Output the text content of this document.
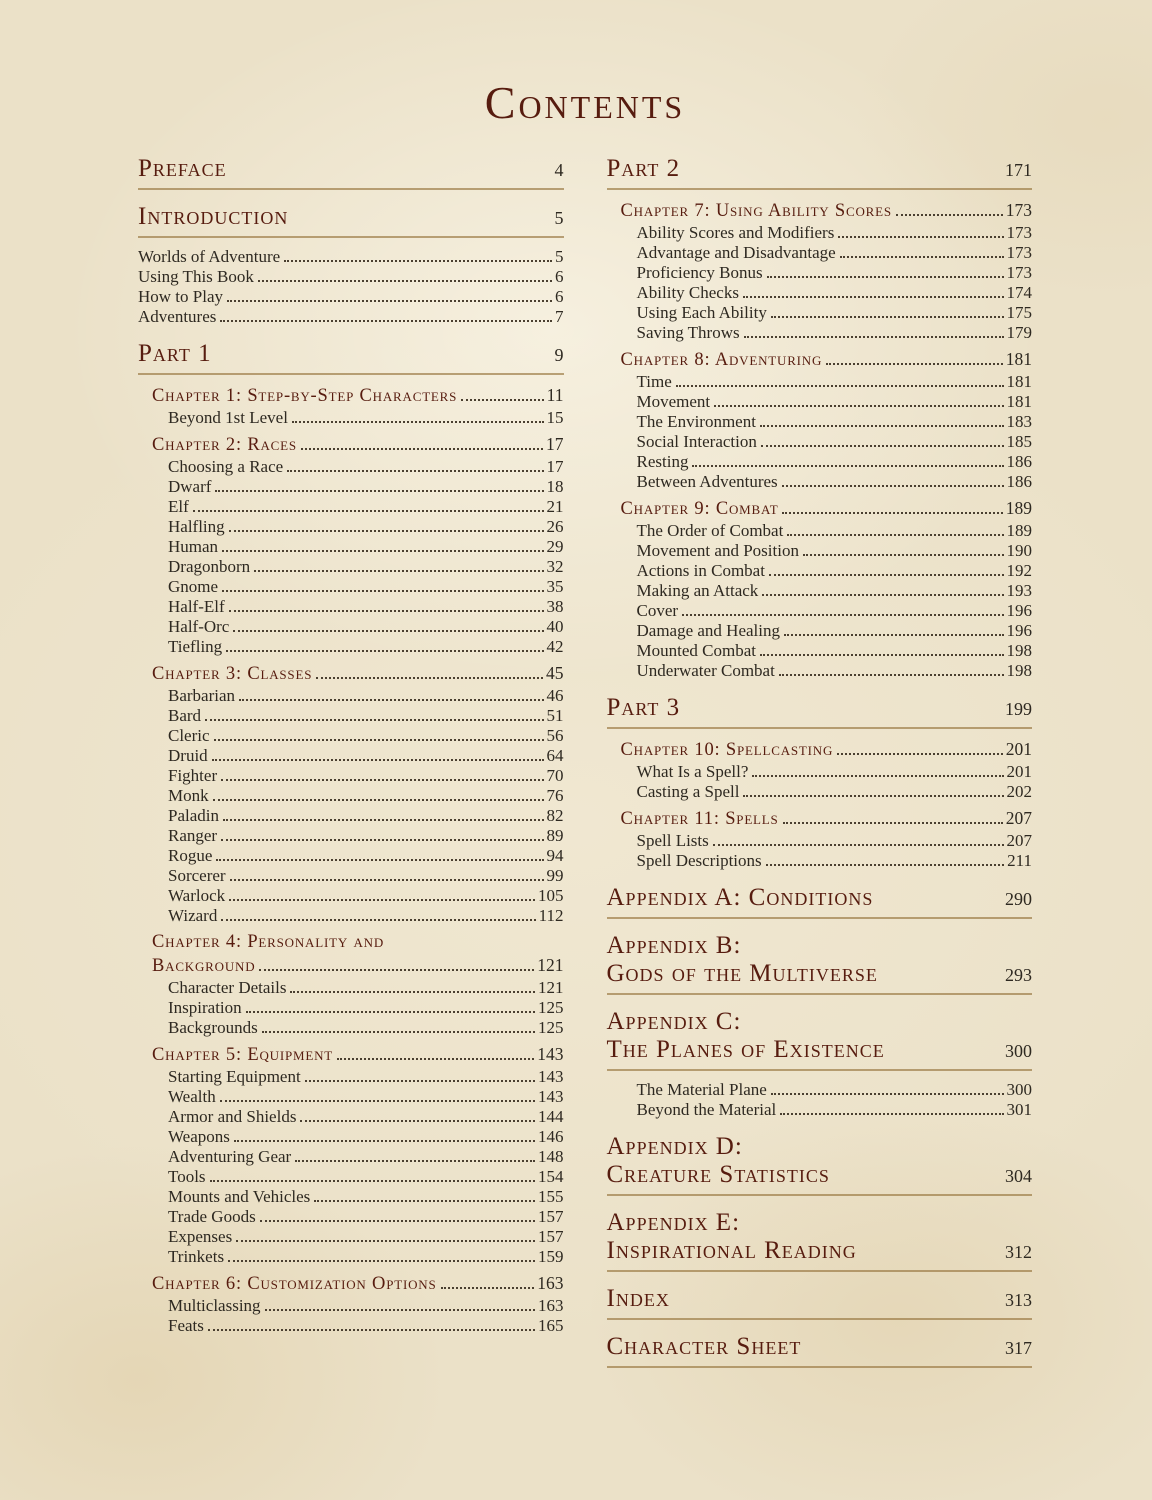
Contents
Preface	4
Introduction	5
Worlds of Adventure	5
Using This Book	6
How to Play	6
Adventures	7
Part 1	9
Chapter 1: Step-by-Step Characters	11
Beyond 1st Level	15
Chapter 2: Races	17
Choosing a Race	17
Dwarf	18
Elf	21
Halfling	26
Human	29
Dragonborn	32
Gnome	35
Half-Elf	38
Half-Orc	40
Tiefling	42
Chapter 3: Classes	45
Barbarian	46
Bard	51
Cleric	56
Druid	64
Fighter	70
Monk	76
Paladin	82
Ranger	89
Rogue	94
Sorcerer	99
Warlock	105
Wizard	112
Chapter 4: Personality and
Background	121
Character Details	121
Inspiration	125
Backgrounds	125
Chapter 5: Equipment	143
Starting Equipment	143
Wealth	143
Armor and Shields	144
Weapons	146
Adventuring Gear	148
Tools	154
Mounts and Vehicles	155
Trade Goods	157
Expenses	157
Trinkets	159
Chapter 6: Customization Options	163
Multiclassing	163
Feats	165
Part 2	171
Chapter 7: Using Ability Scores	173
Ability Scores and Modifiers	173
Advantage and Disadvantage	173
Proficiency Bonus	173
Ability Checks	174
Using Each Ability	175
Saving Throws	179
Chapter 8: Adventuring	181
Time	181
Movement	181
The Environment	183
Social Interaction	185
Resting	186
Between Adventures	186
Chapter 9: Combat	189
The Order of Combat	189
Movement and Position	190
Actions in Combat	192
Making an Attack	193
Cover	196
Damage and Healing	196
Mounted Combat	198
Underwater Combat	198
Part 3	199
Chapter 10: Spellcasting	201
What Is a Spell?	201
Casting a Spell	202
Chapter 11: Spells	207
Spell Lists	207
Spell Descriptions	211
Appendix A: Conditions	290
Appendix B:
Gods of the Multiverse	293
Appendix C:
The Planes of Existence	300
The Material Plane	300
Beyond the Material	301
Appendix D:
Creature Statistics	304
Appendix E:
Inspirational Reading	312
Index	313
Character Sheet	317
